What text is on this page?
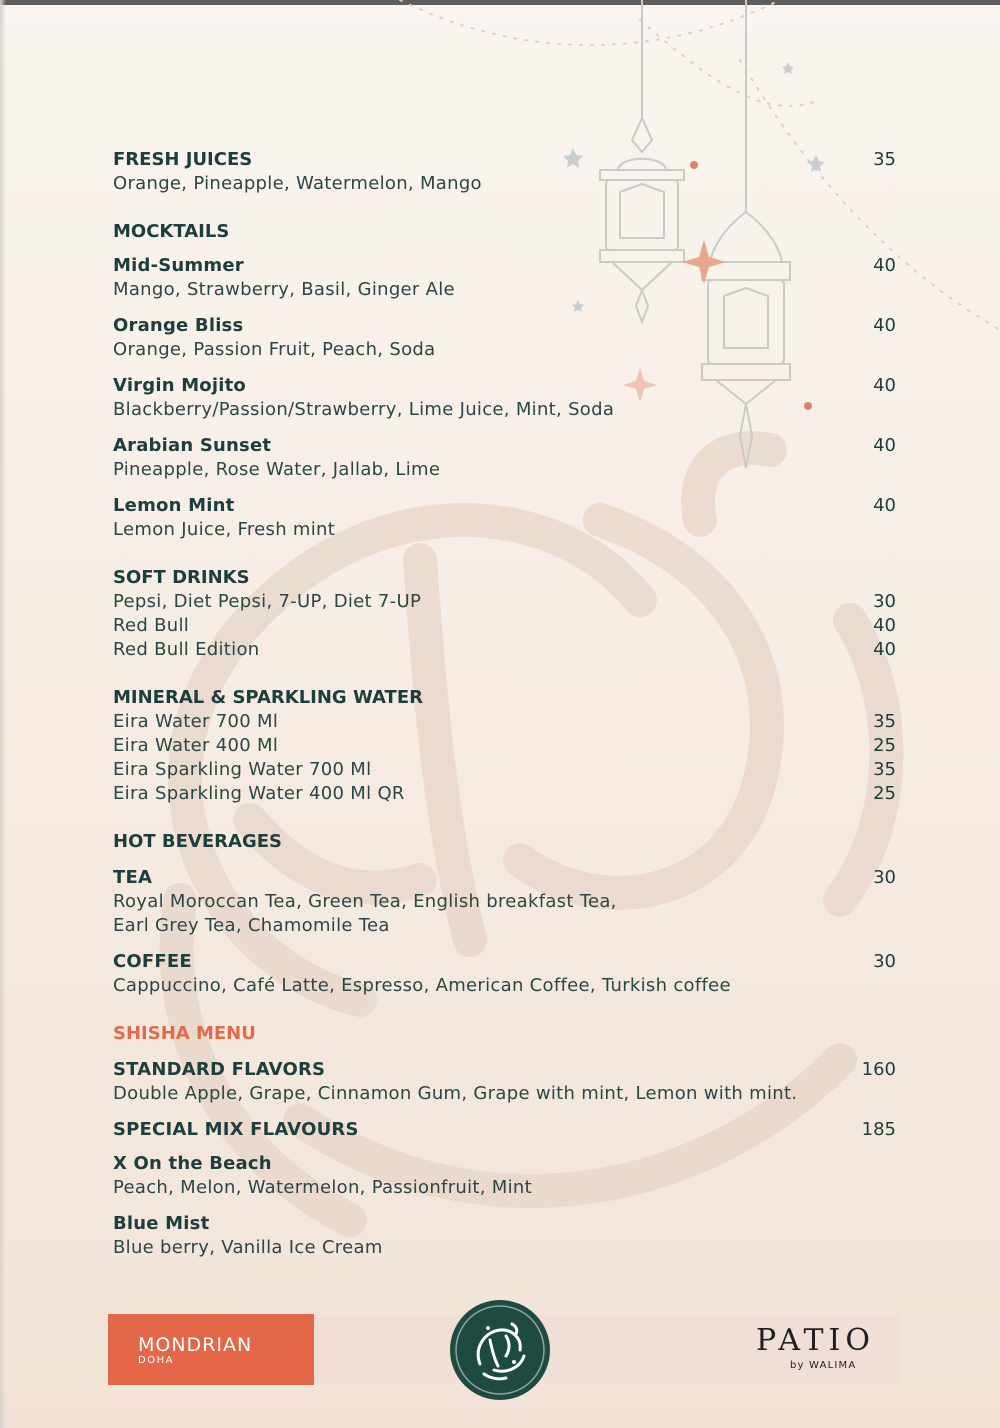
FRESH JUICES	35
Orange, Pineapple, Watermelon, Mango
MOCKTAILS
Mid-Summer	40
Mango, Strawberry, Basil, Ginger Ale
Orange Bliss	40
Orange, Passion Fruit, Peach, Soda
Virgin Mojito	40
Blackberry/Passion/Strawberry, Lime Juice, Mint, Soda
Arabian Sunset	40
Pineapple, Rose Water, Jallab, Lime
Lemon Mint	40
Lemon Juice, Fresh mint
SOFT DRINKS
Pepsi, Diet Pepsi, 7-UP, Diet 7-UP	30
Red Bull	40
Red Bull Edition	40
MINERAL & SPARKLING WATER
Eira Water 700 Ml	35
Eira Water 400 Ml	25
Eira Sparkling Water 700 Ml	35
Eira Sparkling Water 400 Ml QR	25
HOT BEVERAGES
TEA	30
Royal Moroccan Tea, Green Tea, English breakfast Tea,
Earl Grey Tea, Chamomile Tea
COFFEE	30
Cappuccino, Café Latte, Espresso, American Coffee, Turkish coffee
SHISHA MENU
STANDARD FLAVORS	160
Double Apple, Grape, Cinnamon Gum, Grape with mint, Lemon with mint.
SPECIAL MIX FLAVOURS	185
X On the Beach
Peach, Melon, Watermelon, Passionfruit, Mint
Blue Mist
Blue berry, Vanilla Ice Cream
MONDRIAN
DOHA
PATIO
by WALIMA
